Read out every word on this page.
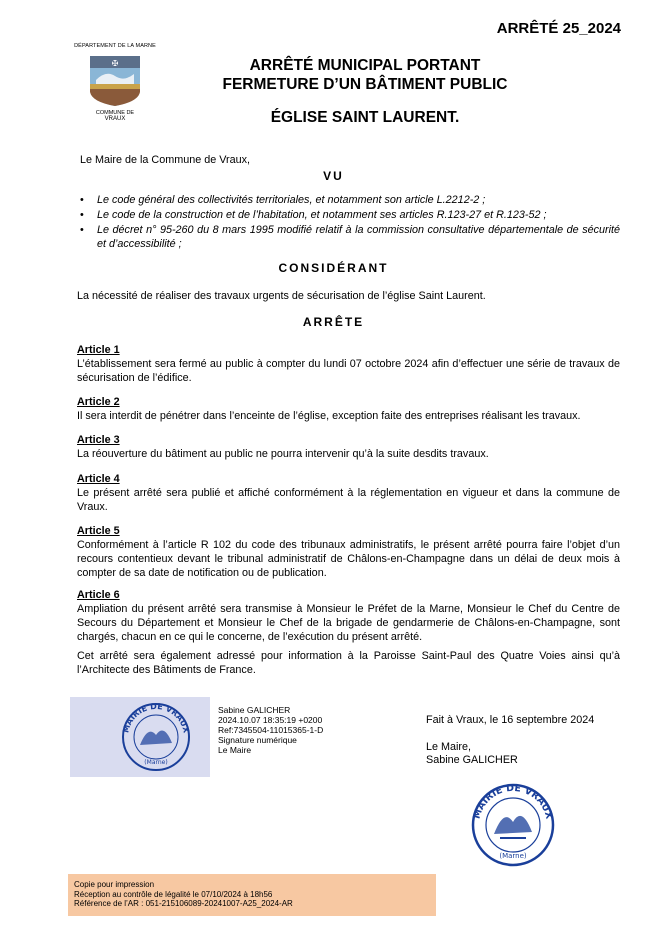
ARRÊTÉ 25_2024
DÉPARTEMENT DE LA MARNE
✠
COMMUNE DE
VRAUX
ARRÊTÉ MUNICIPAL PORTANT
FERMETURE D’UN BÂTIMENT PUBLIC
ÉGLISE SAINT LAURENT.
Le Maire de la Commune de Vraux,
VU
• Le code général des collectivités territoriales, et notamment son article L.2212-2 ;
• Le code de la construction et de l’habitation, et notamment ses articles R.123-27 et R.123-52 ;
• Le décret n° 95-260 du 8 mars 1995 modifié relatif à la commission consultative départementale de sécurité et d’accessibilité ;
CONSIDÉRANT
La nécessité de réaliser des travaux urgents de sécurisation de l’église Saint Laurent.
ARRÊTE
Article 1
L’établissement sera fermé au public à compter du lundi 07 octobre 2024 afin d’effectuer une série de travaux de sécurisation de l’édifice.
Article 2
Il sera interdit de pénétrer dans l’enceinte de l’église, exception faite des entreprises réalisant les travaux.
Article 3
La réouverture du bâtiment au public ne pourra intervenir qu’à la suite desdits travaux.
Article 4
Le présent arrêté sera publié et affiché conformément à la réglementation en vigueur et dans la commune de Vraux.
Article 5
Conformément à l’article R 102 du code des tribunaux administratifs, le présent arrêté pourra faire l’objet d’un recours contentieux devant le tribunal administratif de Châlons-en-Champagne dans un délai de deux mois à compter de sa date de notification ou de publication.
Article 6
Ampliation du présent arrêté sera transmise à Monsieur le Préfet de la Marne, Monsieur le Chef du Centre de Secours du Département et Monsieur le Chef de la brigade de gendarmerie de Châlons-en-Champagne, sont chargés, chacun en ce qui le concerne, de l’exécution du présent arrêté.
Cet arrêté sera également adressé pour information à la Paroisse Saint-Paul des Quatre Voies ainsi qu’à l’Architecte des Bâtiments de France.
MAIRIE DE VRAUX
(Marne)
Sabine GALICHER
2024.10.07 18:35:19 +0200
Ref:7345504-11015365-1-D
Signature numérique
Le Maire
Fait à Vraux, le 16 septembre 2024
Le Maire,
Sabine GALICHER
MAIRIE DE VRAUX
(Marne)
Copie pour impression
Réception au contrôle de légalité le 07/10/2024 à 18h56
Référence de l’AR : 051-215106089-20241007-A25_2024-AR
